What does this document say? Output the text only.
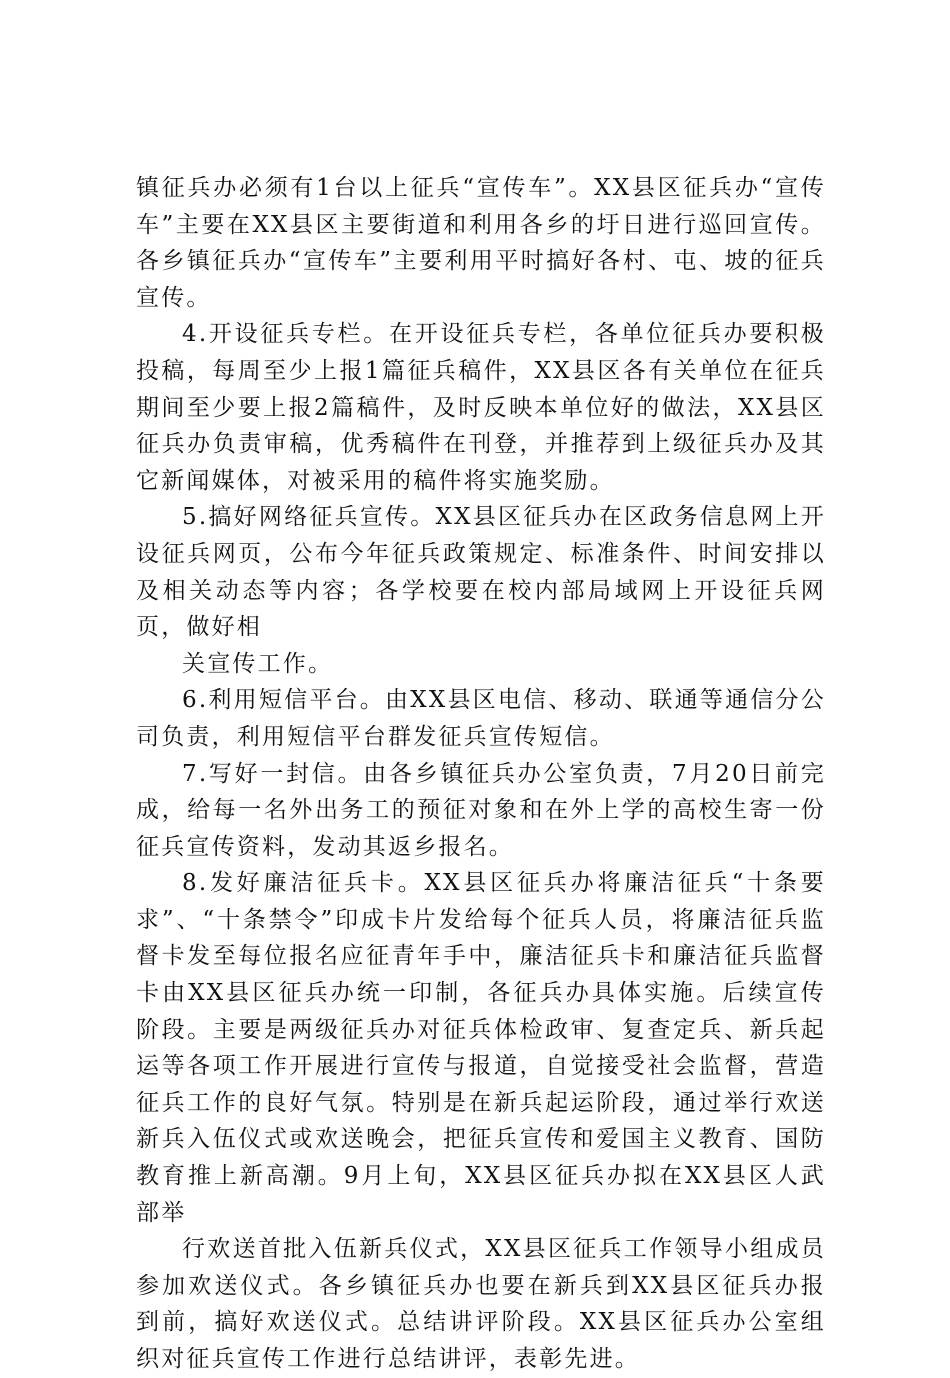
镇征兵办必须有1台以上征兵“宣传车”。XX县区征兵办“宣传车”主要在XX县区主要街道和利用各乡的圩日进行巡回宣传。各乡镇征兵办“宣传车”主要利用平时搞好各村、屯、坡的征兵宣传。

4.开设征兵专栏。在开设征兵专栏，各单位征兵办要积极投稿，每周至少上报1篇征兵稿件，XX县区各有关单位在征兵期间至少要上报2篇稿件，及时反映本单位好的做法，XX县区征兵办负责审稿，优秀稿件在刊登，并推荐到上级征兵办及其它新闻媒体，对被采用的稿件将实施奖励。

5.搞好网络征兵宣传。XX县区征兵办在区政务信息网上开设征兵网页，公布今年征兵政策规定、标准条件、时间安排以及相关动态等内容；各学校要在校内部局域网上开设征兵网页，做好相

关宣传工作。

6.利用短信平台。由XX县区电信、移动、联通等通信分公司负责，利用短信平台群发征兵宣传短信。

7.写好一封信。由各乡镇征兵办公室负责，7月20日前完成，给每一名外出务工的预征对象和在外上学的高校生寄一份征兵宣传资料，发动其返乡报名。

8.发好廉洁征兵卡。XX县区征兵办将廉洁征兵“十条要求”、“十条禁令”印成卡片发给每个征兵人员，将廉洁征兵监督卡发至每位报名应征青年手中，廉洁征兵卡和廉洁征兵监督卡由XX县区征兵办统一印制，各征兵办具体实施。后续宣传阶段。主要是两级征兵办对征兵体检政审、复查定兵、新兵起运等各项工作开展进行宣传与报道，自觉接受社会监督，营造征兵工作的良好气氛。特别是在新兵起运阶段，通过举行欢送新兵入伍仪式或欢送晚会，把征兵宣传和爱国主义教育、国防教育推上新高潮。9月上旬，XX县区征兵办拟在XX县区人武部举

行欢送首批入伍新兵仪式，XX县区征兵工作领导小组成员参加欢送仪式。各乡镇征兵办也要在新兵到XX县区征兵办报到前，搞好欢送仪式。总结讲评阶段。XX县区征兵办公室组织对征兵宣传工作进行总结讲评，表彰先进。
